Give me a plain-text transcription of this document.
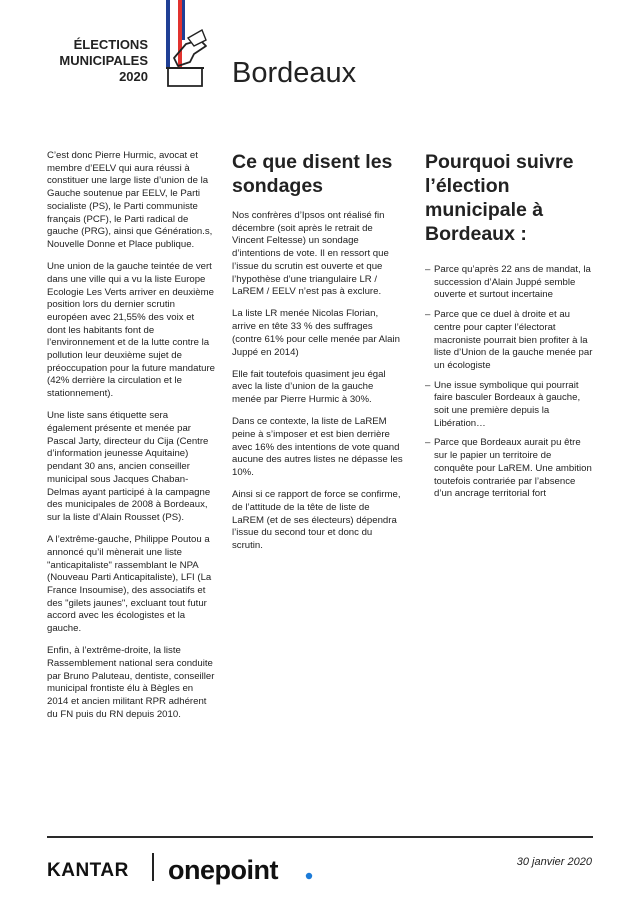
ÉLECTIONS
MUNICIPALES
2020	Bordeaux

C’est donc Pierre Hurmic, avocat et membre d’EELV qui aura réussi à constituer une large liste d’union de la Gauche soutenue par EELV, le Parti socialiste (PS), le Parti communiste français (PCF), le Parti radical de gauche (PRG), ainsi que Génération.s, Nouvelle Donne et Place publique.

Une union de la gauche teintée de vert dans une ville qui a vu la liste Europe Ecologie Les Verts arriver en deuxième position lors du dernier scrutin européen avec 21,55% des voix et dont les habitants font de l’environnement et de la lutte contre la pollution leur deuxième sujet de préoccupation pour la future mandature (42% derrière la circulation et le stationnement).

Une liste sans étiquette sera également présente et menée par Pascal Jarty, directeur du Cija (Centre d’information jeunesse Aquitaine) pendant 30 ans, ancien conseiller municipal sous Jacques Chaban-Delmas ayant participé à la campagne des municipales de 2008 à Bordeaux, sur la liste d’Alain Rousset (PS).

A l’extrême-gauche, Philippe Poutou a annoncé qu’il mènerait une liste "anticapitaliste" rassemblant le NPA (Nouveau Parti Anticapitaliste), LFI (La France Insoumise), des associatifs et des "gilets jaunes", excluant tout futur accord avec les écologistes et la gauche.

Enfin, à l’extrême-droite, la liste Rassemblement national sera conduite par Bruno Paluteau, dentiste, conseiller municipal frontiste élu à Bègles en 2014 et ancien militant RPR adhérent du FN puis du RN depuis 2010.

Ce que disent les sondages

Nos confrères d’Ipsos ont réalisé fin décembre (soit après le retrait de Vincent Feltesse) un sondage d’intentions de vote. Il en ressort que l’issue du scrutin est ouverte et que l’hypothèse d’une triangulaire LR / LaREM / EELV n’est pas à exclure.

La liste LR menée Nicolas Florian, arrive en tête 33 % des suffrages (contre 61% pour celle menée par Alain Juppé en 2014)

Elle fait toutefois quasiment jeu égal avec la liste d’union de la gauche menée par Pierre Hurmic à 30%.

Dans ce contexte, la liste de LaREM peine à s’imposer et est bien derrière avec 16% des intentions de vote quand aucune des autres listes ne dépasse les 10%.

Ainsi si ce rapport de force se confirme, de l’attitude de la tête de liste de LaREM (et de ses électeurs) dépendra l’issue du second tour et donc du scrutin.

Pourquoi suivre l’élection municipale à Bordeaux :
– Parce qu’après 22 ans de mandat, la succession d’Alain Juppé semble ouverte et surtout incertaine
– Parce que ce duel à droite et au centre pour capter l’électorat macroniste pourrait bien profiter à la liste d’Union de la gauche menée par un écologiste
– Une issue symbolique qui pourrait faire basculer Bordeaux à gauche, soit une première depuis la Libération…
– Parce que Bordeaux aurait pu être sur le papier un territoire de conquête pour LaREM. Une ambition toutefois contrariée par l’absence d’un ancrage territorial fort
KANTAR onepoint	30 janvier 2020
